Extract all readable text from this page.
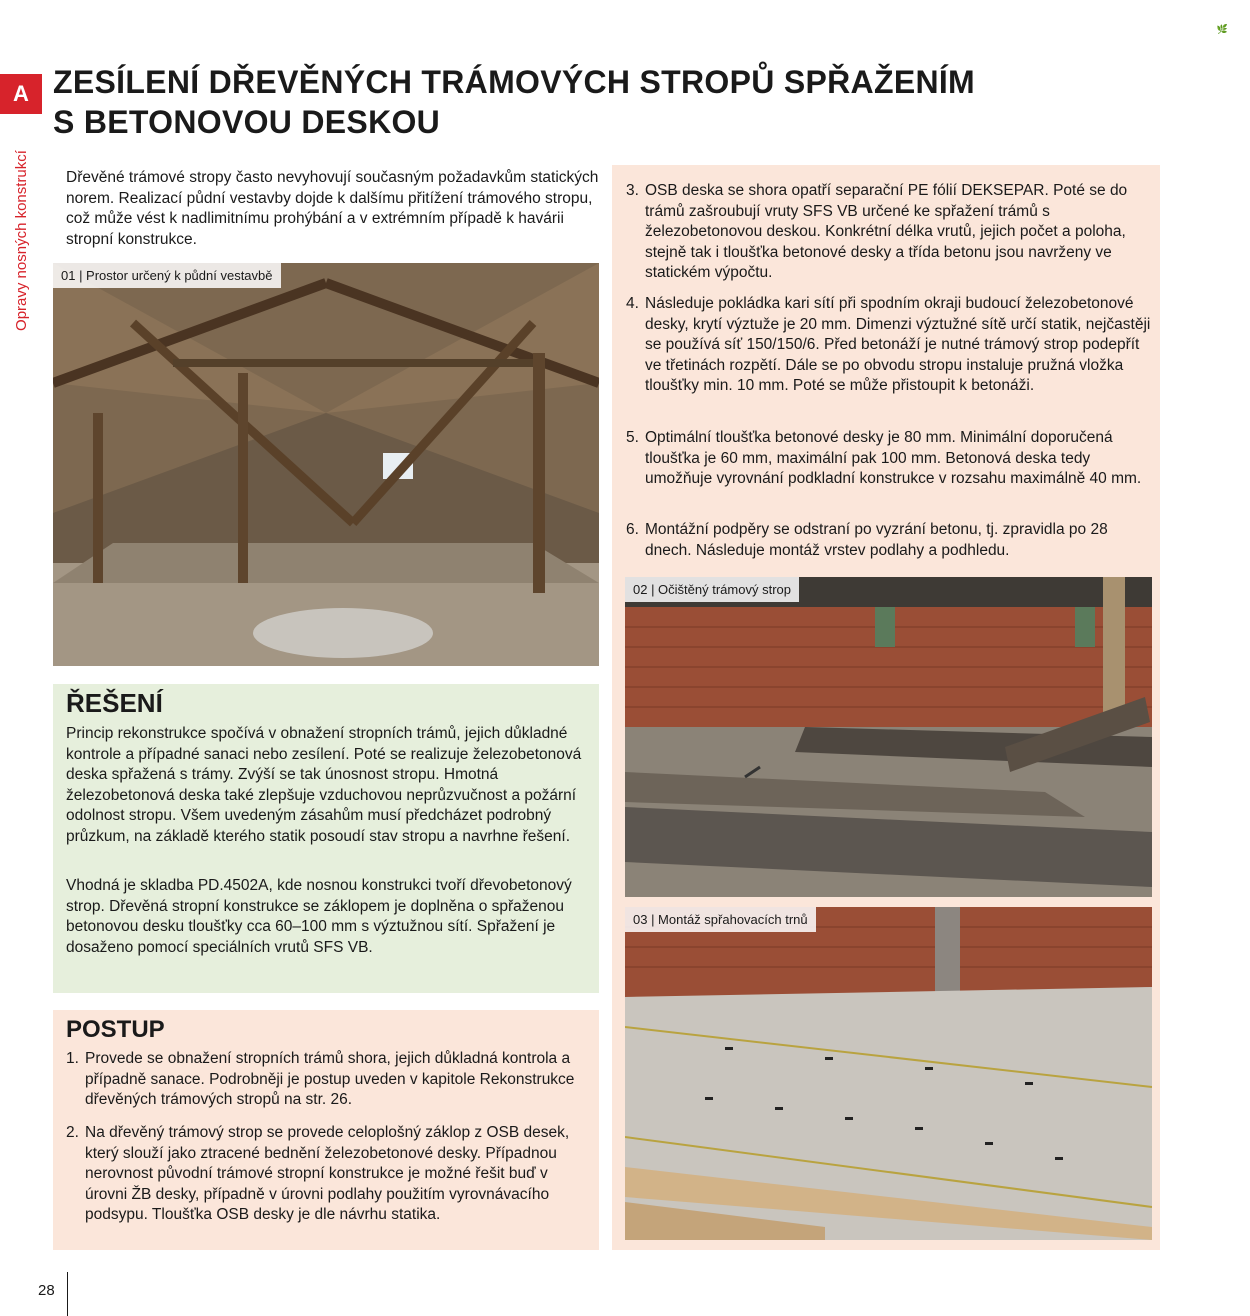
🌿
A
Opravy nosných konstrukcí
ZESÍLENÍ DŘEVĚNÝCH TRÁMOVÝCH STROPŮ SPŘAŽENÍM
S BETONOVOU DESKOU

Dřevěné trámové stropy často nevyhovují současným požadavkům statických norem. Realizací půdní vestavby dojde k dalšímu přitížení trámového stropu, což může vést k nadlimitnímu prohýbání a v extrémním případě k havárii stropní konstrukce.

01 | Prostor určený k půdní vestavbě
ŘEŠENÍ

Princip rekonstrukce spočívá v obnažení stropních trámů, jejich důkladné kontrole a případné sanaci nebo zesílení. Poté se realizuje železobetonová deska spřažená s trámy. Zvýší se tak únosnost stropu. Hmotná železobetonová deska také zlepšuje vzduchovou neprůzvučnost a požární odolnost stropu. Všem uvedeným zásahům musí předcházet podrobný průzkum, na základě kterého statik posoudí stav stropu a navrhne řešení.

Vhodná je skladba PD.4502A, kde nosnou konstrukci tvoří dřevobetonový strop. Dřevěná stropní konstrukce se záklopem je doplněna o spřaženou betonovou desku tloušťky cca 60–100 mm s výztužnou sítí. Spřažení je dosaženo pomocí speciálních vrutů SFS VB.

POSTUP
1. Provede se obnažení stropních trámů shora, jejich důkladná kontrola a případně sanace. Podrobněji je postup uveden v kapitole Rekonstrukce dřevěných trámových stropů na str. 26.
2. Na dřevěný trámový strop se provede celoplošný záklop z OSB desek, který slouží jako ztracené bednění železobetonové desky. Případnou nerovnost původní trámové stropní konstrukce je možné řešit buď v úrovni ŽB desky, případně v úrovni podlahy použitím vyrovnávacího podsypu. Tloušťka OSB desky je dle návrhu statika.
3. OSB deska se shora opatří separační PE fólií DEKSEPAR. Poté se do trámů zašroubují vruty SFS VB určené ke spřažení trámů s železobetonovou deskou. Konkrétní délka vrutů, jejich počet a poloha, stejně tak i tloušťka betonové desky a třída betonu jsou navrženy ve statickém výpočtu.
4. Následuje pokládka kari sítí při spodním okraji budoucí železobetonové desky, krytí výztuže je 20 mm. Dimenzi výztužné sítě určí statik, nejčastěji se používá síť 150/150/6. Před betonáží je nutné trámový strop podepřít ve třetinách rozpětí. Dále se po obvodu stropu instaluje pružná vložka tloušťky min. 10 mm. Poté se může přistoupit k betonáži.
5. Optimální tloušťka betonové desky je 80 mm. Minimální doporučená tloušťka je 60 mm, maximální pak 100 mm. Betonová deska tedy umožňuje vyrovnání podkladní konstrukce v rozsahu maximálně 40 mm.
6. Montážní podpěry se odstraní po vyzrání betonu, tj. zpravidla po 28 dnech. Následuje montáž vrstev podlahy a podhledu.
02 | Očištěný trámový strop
03 | Montáž spřahovacích trnů
28
